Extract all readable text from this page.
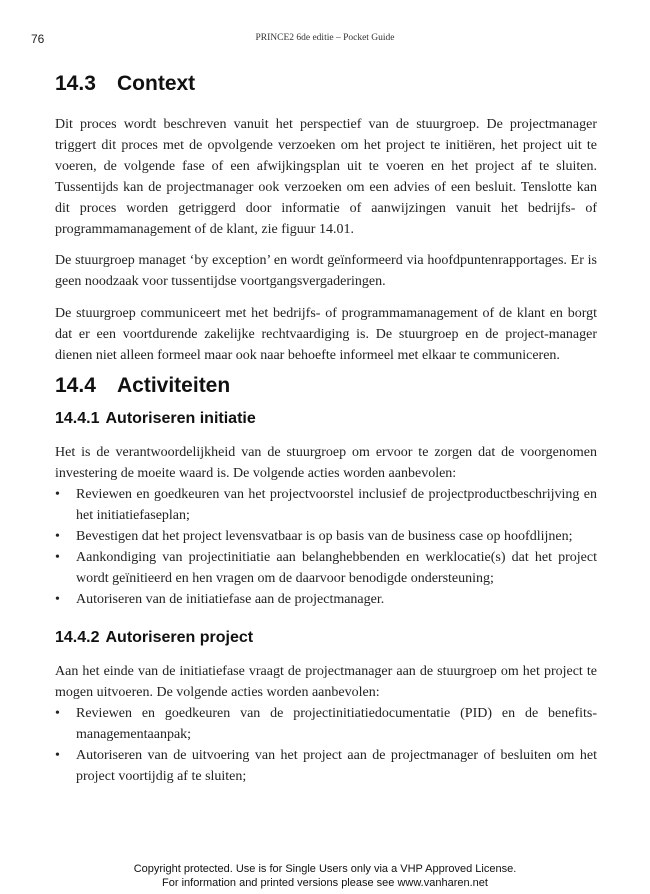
76	PRINCE2 6de editie – Pocket Guide
14.3 Context

Dit proces wordt beschreven vanuit het perspectief van de stuurgroep. De projectmanager triggert dit proces met de opvolgende verzoeken om het project te initiëren, het project uit te voeren, de volgende fase of een afwijkingsplan uit te voeren en het project af te sluiten. Tussentijds kan de projectmanager ook verzoeken om een advies of een besluit. Tenslotte kan dit proces worden getriggerd door informatie of aanwijzingen vanuit het bedrijfs- of programmamanagement of de klant, zie figuur 14.01.

De stuurgroep managet ‘by exception’ en wordt geïnformeerd via hoofdpuntenrapportages. Er is geen noodzaak voor tussentijdse voortgangsvergaderingen.

De stuurgroep communiceert met het bedrijfs- of programmamanagement of de klant en borgt dat er een voortdurende zakelijke rechtvaardiging is. De stuurgroep en de project-manager dienen niet alleen formeel maar ook naar behoefte informeel met elkaar te communiceren.

14.4 Activiteiten
14.4.1 Autoriseren initiatie

Het is de verantwoordelijkheid van de stuurgroep om ervoor te zorgen dat de voorgenomen investering de moeite waard is. De volgende acties worden aanbevolen:

• Reviewen en goedkeuren van het projectvoorstel inclusief de projectproductbeschrijving en het initiatiefaseplan;
• Bevestigen dat het project levensvatbaar is op basis van de business case op hoofdlijnen;
• Aankondiging van projectinitiatie aan belanghebbenden en werklocatie(s) dat het project wordt geïnitieerd en hen vragen om de daarvoor benodigde ondersteuning;
• Autoriseren van de initiatiefase aan de projectmanager.
14.4.2 Autoriseren project

Aan het einde van de initiatiefase vraagt de projectmanager aan de stuurgroep om het project te mogen uitvoeren. De volgende acties worden aanbevolen:

• Reviewen en goedkeuren van de projectinitiatiedocumentatie (PID) en de benefits-managementaanpak;
• Autoriseren van de uitvoering van het project aan de projectmanager of besluiten om het project voortijdig af te sluiten;
Copyright protected. Use is for Single Users only via a VHP Approved License.
For information and printed versions please see www.vanharen.net
